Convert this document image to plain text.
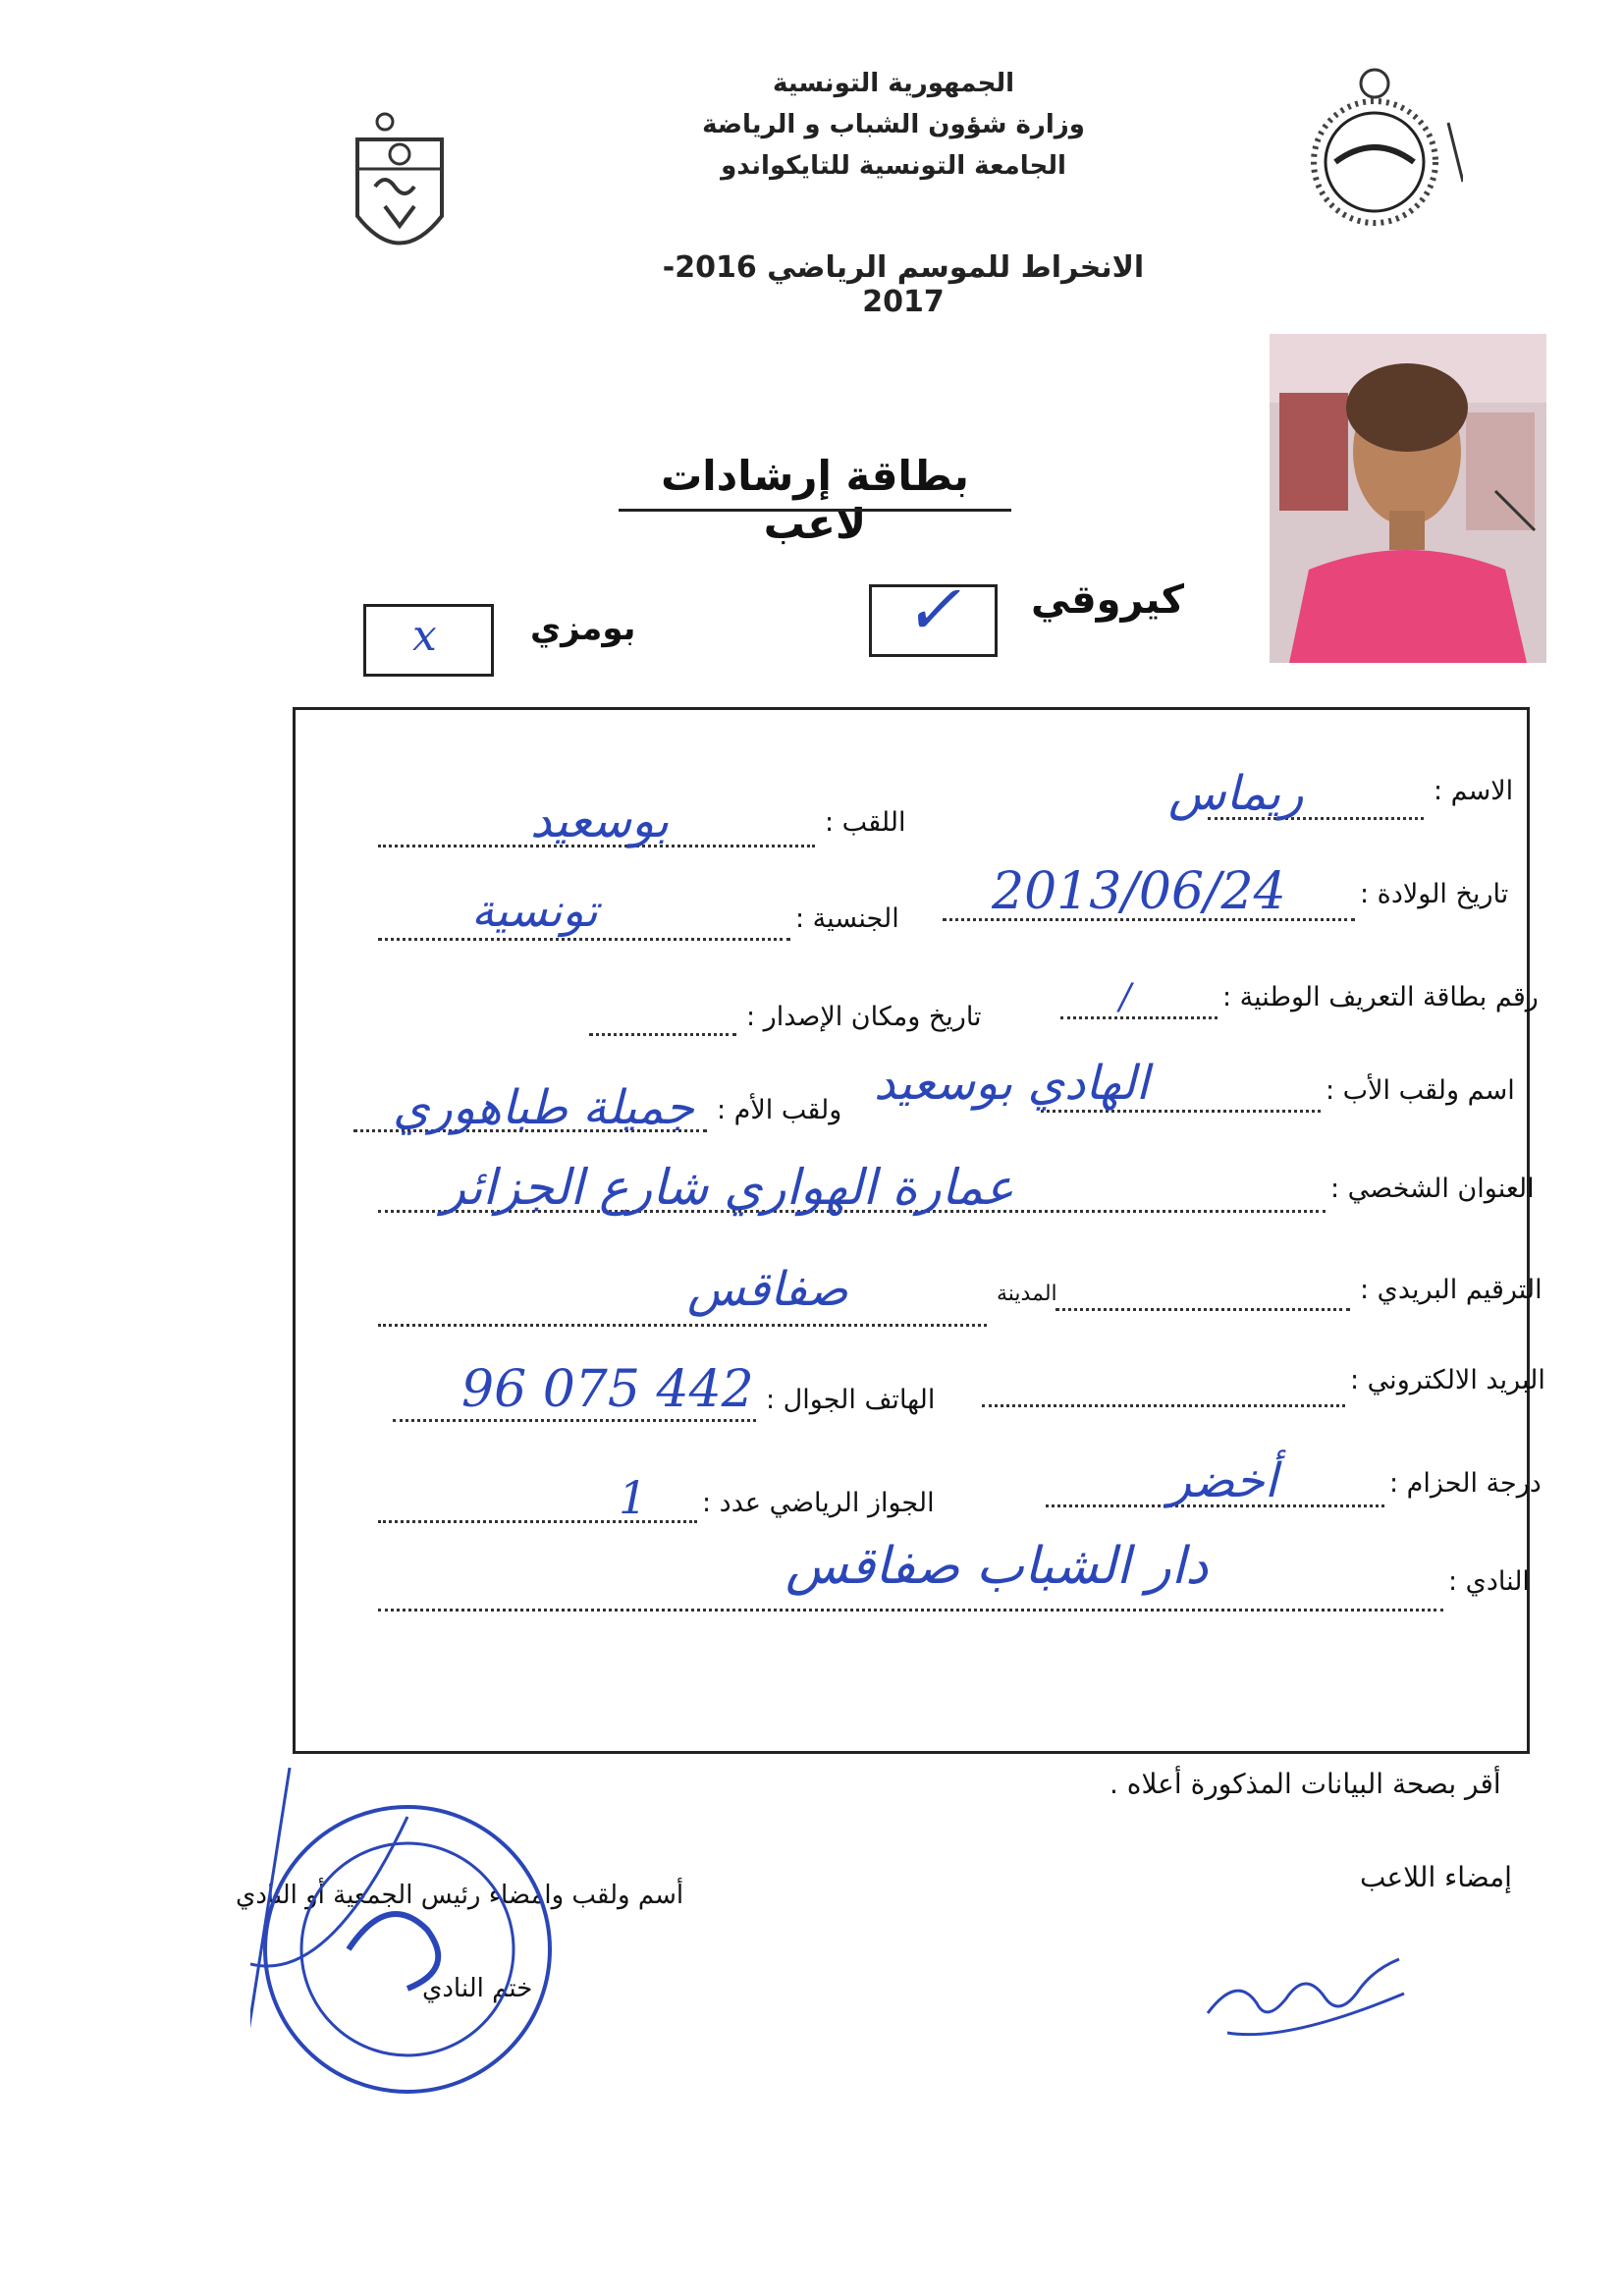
الجمهورية التونسية
وزارة شؤون الشباب و الرياضة
الجامعة التونسية للتايكواندو
الانخراط للموسم الرياضي 2016-2017
بطاقة إرشادات لاعب
كيروقي
✓
بومزي
x
الاسم :
ريماس
اللقب :
بوسعيد
تاريخ الولادة :
2013/06/24
الجنسية :
تونسية
رقم بطاقة التعريف الوطنية :
/
تاريخ ومكان الإصدار :
اسم ولقب الأب :
الهادي بوسعيد
ولقب الأم :
جميلة طباهوري
العنوان الشخصي :
عمارة الهواري شارع الجزائر
الترقيم البريدي :
المدينة
صفاقس
البريد الالكتروني :
الهاتف الجوال :
96 075 442
درجة الحزام :
أخضر
الجواز الرياضي عدد :
1
النادي :
دار الشباب صفاقس
أقر بصحة البيانات المذكورة أعلاه .
إمضاء اللاعب
أسم ولقب وامضاء رئيس الجمعية أو النادي
ختم النادي
